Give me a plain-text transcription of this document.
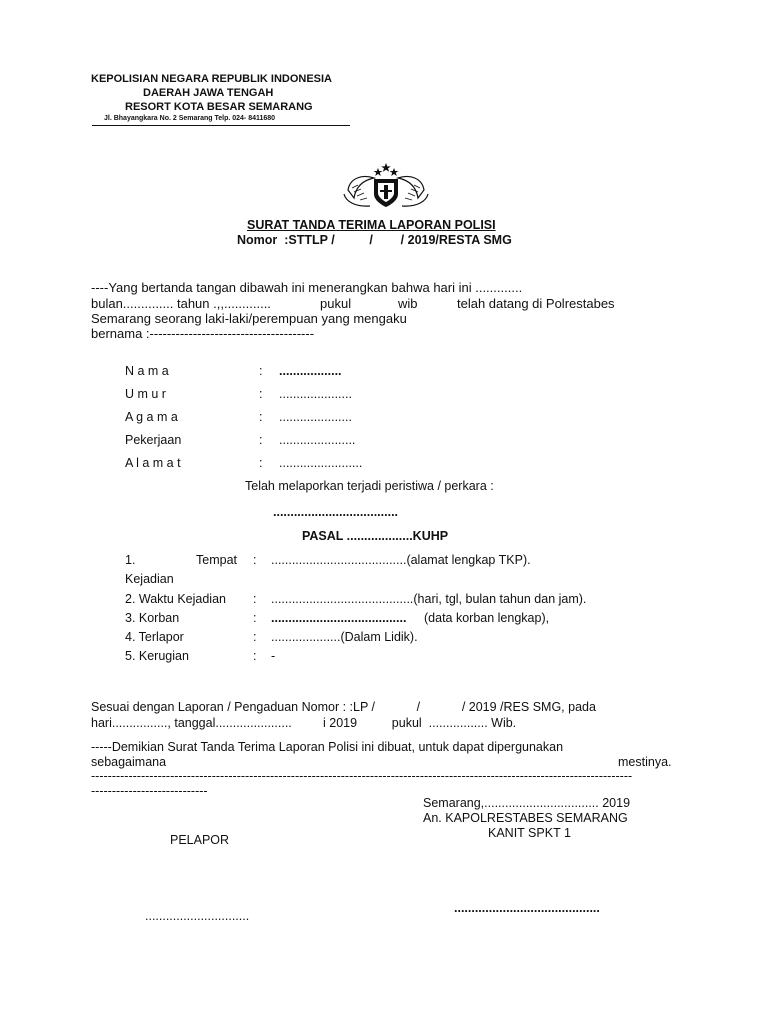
KEPOLISIAN NEGARA REPUBLIK INDONESIA
DAERAH JAWA TENGAH
RESORT KOTA BESAR SEMARANG
Jl. Bhayangkara No. 2 Semarang Telp. 024- 8411680
SURAT TANDA TERIMA LAPORAN POLISI
Nomor  :STTLP /          /        / 2019/RESTA SMG
----Yang bertanda tangan dibawah ini menerangkan bahwa hari ini .............
bulan.............. tahun .,,.............	pukul	wib	telah datang di Polrestabes
Semarang seorang laki-laki/perempuan yang mengaku
bernama :--------------------------------------
N a m a	: ..................
U m u r	: .....................
A g a m a	: .....................
Pekerjaan	: ......................
A l a m a t	: ........................
Telah melaporkan terjadi peristiwa / perkara :
....................................
PASAL ...................KUHP
1.	Tempat : .......................................(alamat lengkap TKP).
Kejadian
2. Waktu Kejadian : .........................................(hari, tgl, bulan tahun dan jam).
3. Korban	: ....................................... (data korban lengkap),
4. Terlapor	: ....................(Dalam Lidik).
5. Kerugian	: -
Sesuai dengan Laporan / Pengaduan Nomor : :LP /            /            / 2019 /RES SMG, pada
hari................, tanggal......................         i 2019          pukul  ................. Wib.
-----Demikian Surat Tanda Terima Laporan Polisi ini dibuat, untuk dapat dipergunakan
sebagaimana	mestinya.
----------------------------------------------------------------------------------------------------------------------------------
----------------------------
Semarang,................................. 2019
An. KAPOLRESTABES SEMARANG
KANIT SPKT 1
PELAPOR
..........................................
..............................
